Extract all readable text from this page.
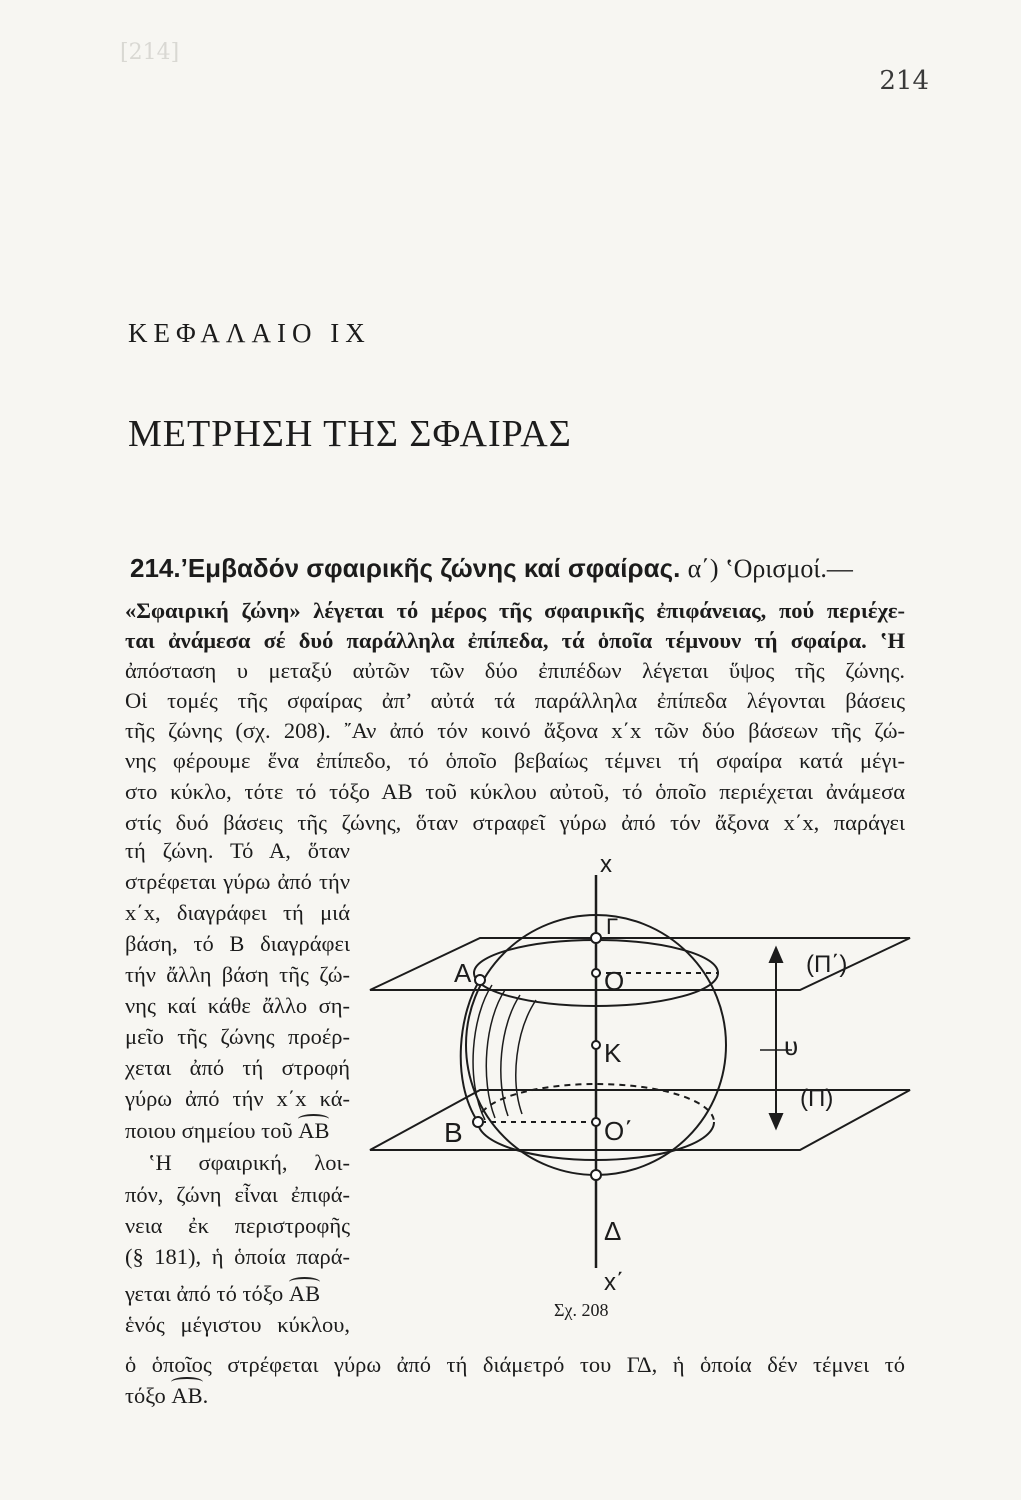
[214]
214
ΚΕΦΑΛΑΙΟ IX
ΜΕΤΡΗΣΗ ΤΗΣ ΣΦΑΙΡΑΣ
214.’Εμβαδόν σφαιρικῆς ζώνης καί σφαίρας. α΄) ʽΟρισμοί.—
«Σφαιρική ζώνη» λέγεται τό μέρος τῆς σφαιρικῆς ἐπιφάνειας, πού περιέχε-
ται ἀνάμεσα σέ δυό παράλληλα ἐπίπεδα, τά ὁποῖα τέμνουν τή σφαίρα. ʽΗ
ἀπόσταση υ μεταξύ αὐτῶν τῶν δύο ἐπιπέδων λέγεται ὕψος τῆς ζώνης.
Οἱ τομές τῆς σφαίρας ἀπ’ αὐτά τά παράλληλα ἐπίπεδα λέγονται βάσεις
τῆς ζώνης (σχ. 208). ῎Αν ἀπό τόν κοινό ἄξονα x΄x τῶν δύο βάσεων τῆς ζώ-
νης φέρουμε ἕνα ἐπίπεδο, τό ὁποῖο βεβαίως τέμνει τή σφαίρα κατά μέγι-
στο κύκλο, τότε τό τόξο ΑΒ τοῦ κύκλου αὐτοῦ, τό ὁποῖο περιέχεται ἀνάμεσα
στίς δυό βάσεις τῆς ζώνης, ὅταν στραφεῖ γύρω ἀπό τόν ἄξονα x΄x, παράγει
τή ζώνη. Τό Α, ὅταν
στρέφεται γύρω ἀπό τήν
x΄x, διαγράφει τή μιά
βάση, τό Β διαγράφει
τήν ἄλλη βάση τῆς ζώ-
νης καί κάθε ἄλλο ση-
μεῖο τῆς ζώνης προέρ-
χεται ἀπό τή στροφή
γύρω ἀπό τήν x΄x κά-
ποιου σημείου τοῦ ΑΒ
ʽΗ σφαιρική, λοι-
πόν, ζώνη εἶναι ἐπιφά-
νεια ἐκ περιστροφῆς
(§ 181), ἡ ὁποία παρά-
γεται ἀπό τό τόξο ΑΒ
ἑνός μέγιστου κύκλου,
ὁ ὁποῖος στρέφεται γύρω ἀπό τή διάμετρό του ΓΔ, ἡ ὁποία δέν τέμνει τό
τόξο ΑΒ.
x
x΄
Γ
Δ
O
K
O΄
A
B
υ
(Π)
(Π΄)
Σχ. 208
